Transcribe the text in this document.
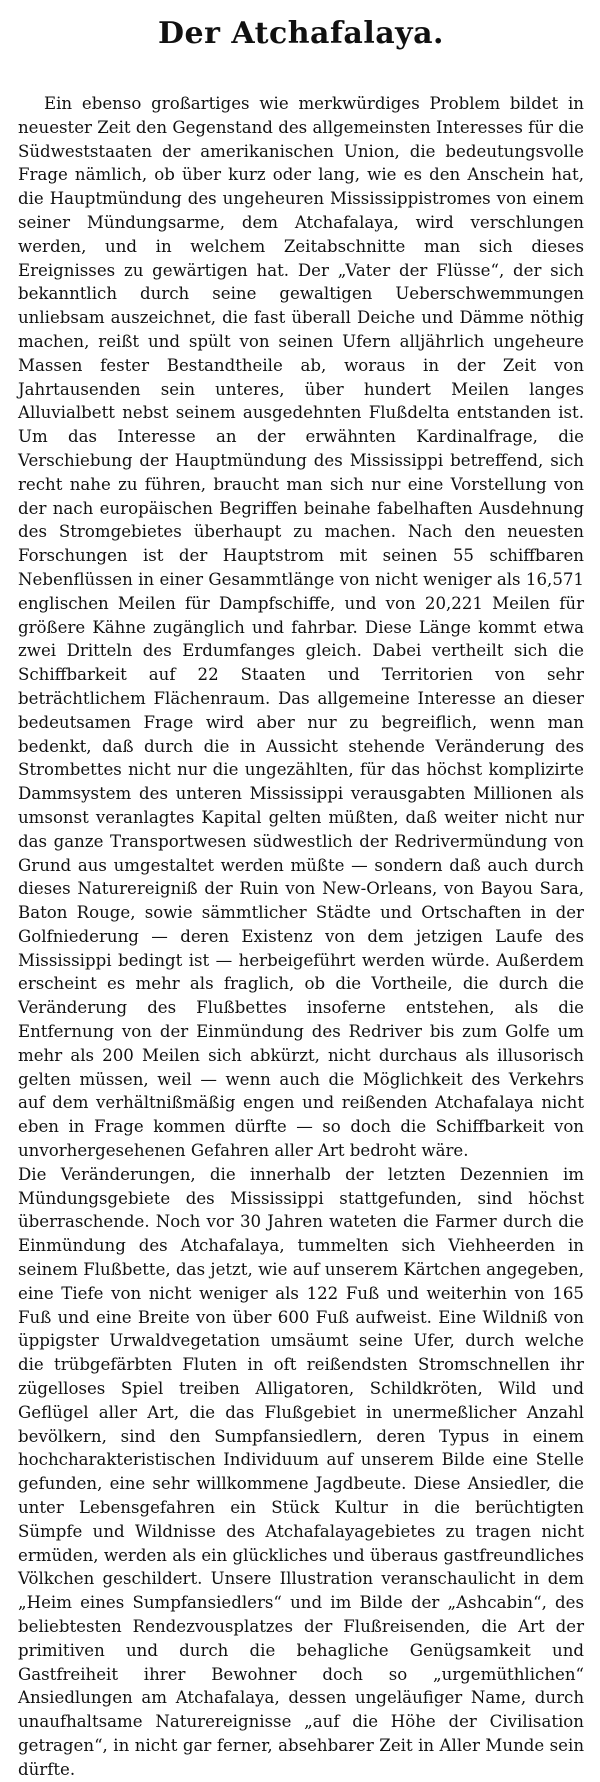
Der Atchafalaya.

Ein ebenso großartiges wie merkwürdiges Problem bildet in neuester Zeit den Gegenstand des allgemeinsten Interesses für die Südweststaaten der amerikanischen Union, die bedeutungsvolle Frage nämlich, ob über kurz oder lang, wie es den Anschein hat, die Hauptmündung des ungeheuren Mississippistromes von einem seiner Mündungsarme, dem Atchafalaya, wird verschlungen werden, und in welchem Zeitabschnitte man sich dieses Ereignisses zu gewärtigen hat. Der „Vater der Flüsse“, der sich bekanntlich durch seine gewaltigen Ueberschwemmungen unliebsam auszeichnet, die fast überall Deiche und Dämme nöthig machen, reißt und spült von seinen Ufern alljährlich ungeheure Massen fester Bestandtheile ab, woraus in der Zeit von Jahrtausenden sein unteres, über hundert Meilen langes Alluvialbett nebst seinem ausgedehnten Flußdelta entstanden ist. Um das Interesse an der erwähnten Kardinalfrage, die Verschiebung der Hauptmündung des Mississippi betreffend, sich recht nahe zu führen, braucht man sich nur eine Vorstellung von der nach europäischen Begriffen beinahe fabelhaften Ausdehnung des Stromgebietes überhaupt zu machen. Nach den neuesten Forschungen ist der Hauptstrom mit seinen 55 schiffbaren Nebenflüssen in einer Gesammtlänge von nicht weniger als 16,571 englischen Meilen für Dampfschiffe, und von 20,221 Meilen für größere Kähne zugänglich und fahrbar. Diese Länge kommt etwa zwei Dritteln des Erdumfanges gleich. Dabei vertheilt sich die Schiffbarkeit auf 22 Staaten und Territorien von sehr beträchtlichem Flächenraum. Das allgemeine Interesse an dieser bedeutsamen Frage wird aber nur zu begreiflich, wenn man bedenkt, daß durch die in Aussicht stehende Veränderung des Strombettes nicht nur die ungezählten, für das höchst komplizirte Dammsystem des unteren Mississippi verausgabten Millionen als umsonst veranlagtes Kapital gelten müßten, daß weiter nicht nur das ganze Transportwesen südwestlich der Redrivermündung von Grund aus umgestaltet werden müßte — sondern daß auch durch dieses Naturereigniß der Ruin von New-Orleans, von Bayou Sara, Baton Rouge, sowie sämmtlicher Städte und Ortschaften in der Golfniederung — deren Existenz von dem jetzigen Laufe des Mississippi bedingt ist — herbeigeführt werden würde. Außerdem erscheint es mehr als fraglich, ob die Vortheile, die durch die Veränderung des Flußbettes insoferne entstehen, als die Entfernung von der Einmündung des Redriver bis zum Golfe um mehr als 200 Meilen sich abkürzt, nicht durchaus als illusorisch gelten müssen, weil — wenn auch die Möglichkeit des Verkehrs auf dem verhältnißmäßig engen und reißenden Atchafalaya nicht eben in Frage kommen dürfte — so doch die Schiffbarkeit von unvorhergesehenen Gefahren aller Art bedroht wäre.

Die Veränderungen, die innerhalb der letzten Dezennien im Mündungsgebiete des Mississippi stattgefunden, sind höchst überraschende. Noch vor 30 Jahren wateten die Farmer durch die Einmündung des Atchafalaya, tummelten sich Viehheerden in seinem Flußbette, das jetzt, wie auf unserem Kärtchen angegeben, eine Tiefe von nicht weniger als 122 Fuß und weiterhin von 165 Fuß und eine Breite von über 600 Fuß aufweist. Eine Wildniß von üppigster Urwaldvegetation umsäumt seine Ufer, durch welche die trübgefärbten Fluten in oft reißendsten Stromschnellen ihr zügelloses Spiel treiben Alligatoren, Schildkröten, Wild und Geflügel aller Art, die das Flußgebiet in unermeßlicher Anzahl bevölkern, sind den Sumpfansiedlern, deren Typus in einem hochcharakteristischen Individuum auf unserem Bilde eine Stelle gefunden, eine sehr willkommene Jagdbeute. Diese Ansiedler, die unter Lebensgefahren ein Stück Kultur in die berüchtigten Sümpfe und Wildnisse des Atchafalayagebietes zu tragen nicht ermüden, werden als ein glückliches und überaus gastfreundliches Völkchen geschildert. Unsere Illustration veranschaulicht in dem „Heim eines Sumpfansiedlers“ und im Bilde der „Ashcabin“, des beliebtesten Rendezvousplatzes der Flußreisenden, die Art der primitiven und durch die behagliche Genügsamkeit und Gastfreiheit ihrer Bewohner doch so „urgemüthlichen“ Ansiedlungen am Atchafalaya, dessen ungeläufiger Name, durch unaufhaltsame Naturereignisse „auf die Höhe der Civilisation getragen“, in nicht gar ferner, absehbarer Zeit in Aller Munde sein dürfte.
